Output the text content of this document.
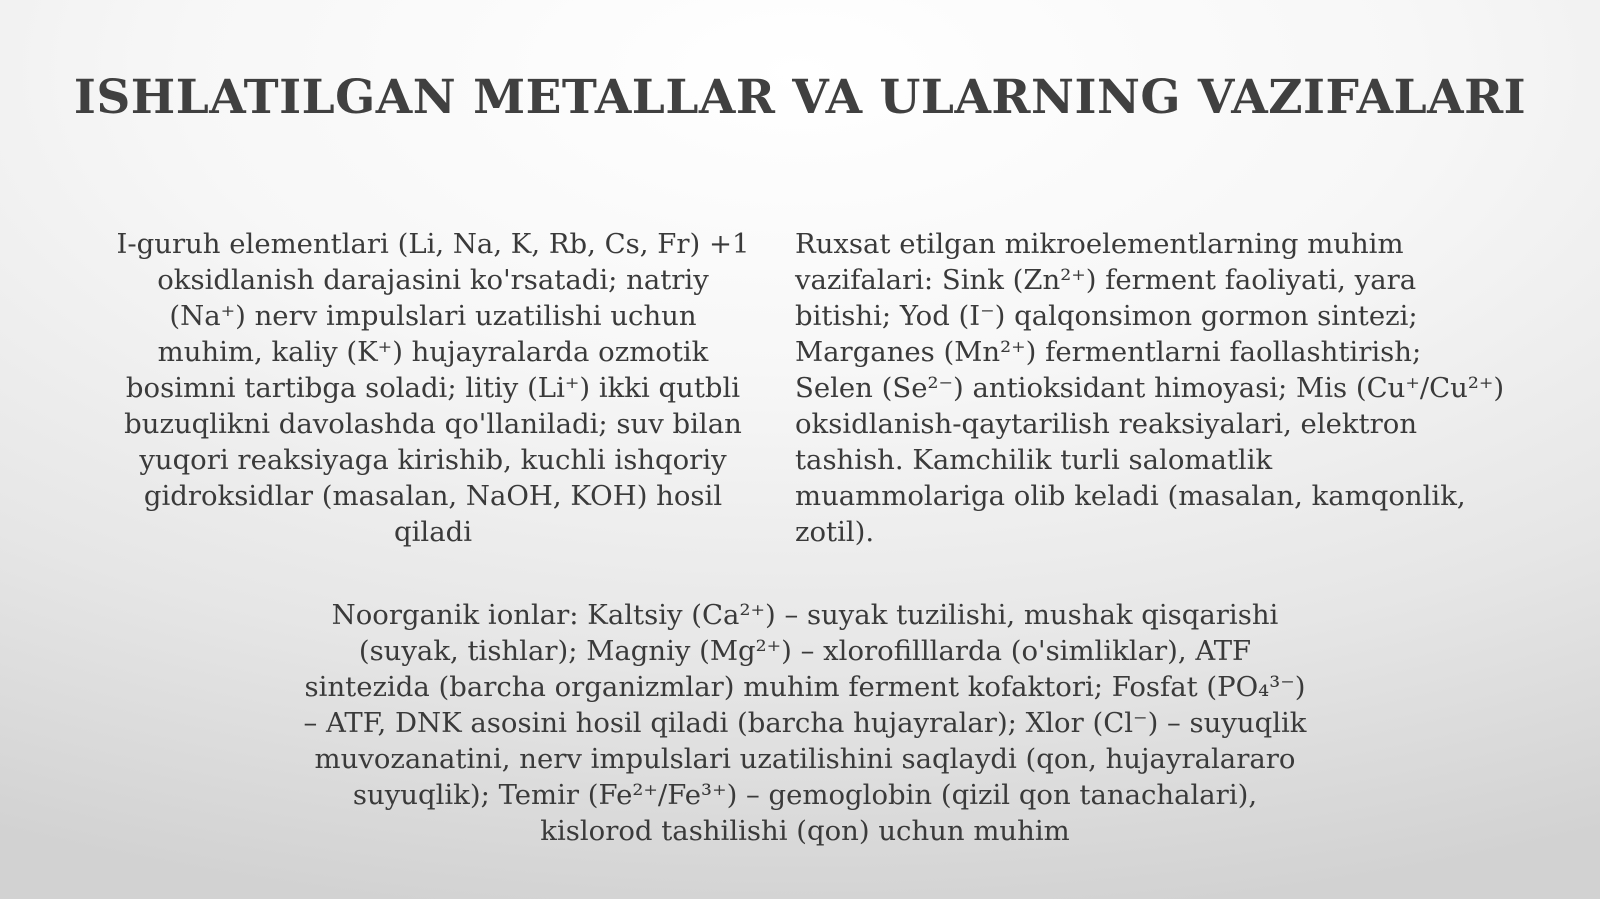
ISHLATILGAN METALLAR VA ULARNING VAZIFALARI
I-guruh elementlari (Li, Na, K, Rb, Cs, Fr) +1
oksidlanish darajasini ko'rsatadi; natriy
(Na⁺) nerv impulslari uzatilishi uchun
muhim, kaliy (K⁺) hujayralarda ozmotik
bosimni tartibga soladi; litiy (Li⁺) ikki qutbli
buzuqlikni davolashda qo'llaniladi; suv bilan
yuqori reaksiyaga kirishib, kuchli ishqoriy
gidroksidlar (masalan, NaOH, KOH) hosil
qiladi
Ruxsat etilgan mikroelementlarning muhim
vazifalari: Sink (Zn²⁺) ferment faoliyati, yara
bitishi; Yod (I⁻) qalqonsimon gormon sintezi;
Marganes (Mn²⁺) fermentlarni faollashtirish;
Selen (Se²⁻) antioksidant himoyasi; Mis (Cu⁺/Cu²⁺)
oksidlanish-qaytarilish reaksiyalari, elektron
tashish. Kamchilik turli salomatlik
muammolariga olib keladi (masalan, kamqonlik,
zotil).
Noorganik ionlar: Kaltsiy (Ca²⁺) – suyak tuzilishi, mushak qisqarishi
(suyak, tishlar); Magniy (Mg²⁺) – xlorofilllarda (o'simliklar), ATF
sintezida (barcha organizmlar) muhim ferment kofaktori; Fosfat (PO₄³⁻)
– ATF, DNK asosini hosil qiladi (barcha hujayralar); Xlor (Cl⁻) – suyuqlik
muvozanatini, nerv impulslari uzatilishini saqlaydi (qon, hujayralararo
suyuqlik); Temir (Fe²⁺/Fe³⁺) – gemoglobin (qizil qon tanachalari),
kislorod tashilishi (qon) uchun muhim
